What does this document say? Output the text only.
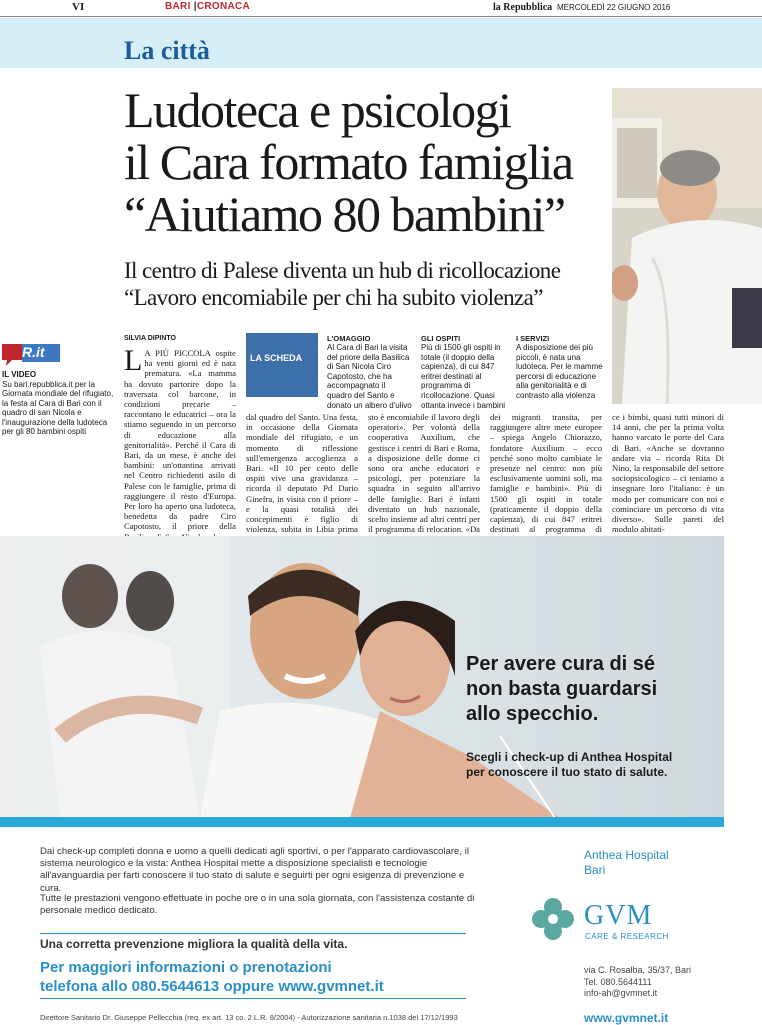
VI	BARI |CRONACA	la Repubblica MERCOLEDÌ 22 GIUGNO 2016
La città
Ludoteca e psicologi
il Cara formato famiglia
“Aiutiamo 80 bambini”
Il centro di Palese diventa un hub di ricollocazione
“Lavoro encomiabile per chi ha subito violenza”
R.it
IL VIDEO
Su bari.repubblica.it per la Giornata mondiale del rifugiato, la festa al Cara di Bari con il quadro di san Nicola e l'inaugurazione della ludoteca per gli 80 bambini ospiti
SILVIA DIPINTO
L A PIÙ PICCOLA ospite ha venti giorni ed è nata prematura. «La mamma ha dovuto partorire dopo la traversata col barcone, in condizioni precarie – raccontano le educatrici – ora la stiamo seguendo in un percorso di educazione alla genitorialità». Perché il Cara di Bari, da un mese, è anche dei bambini: un'ottantina arrivati nel Centro richiedenti asilo di Palese con le famiglie, prima di raggiungere il resto d'Europa. Per loro ha aperto una ludoteca, benedetta da padre Ciro Capotosto, il priore della
LA SCHEDA
L'OMAGGIO
Al Cara di Bari la visita del priore della Basilica di San Nicola Ciro Capotosto, che ha accompagnato il quadro del Santo e donato un albero d'ulivo
GLI OSPITI
Più di 1500 gli ospiti in totale (il doppio della capienza), di cui 847 eritrei destinati al programma di ricollocazione. Quasi ottanta invece i bambini
I SERVIZI
A disposizione dei più piccoli, è nata una ludoteca. Per le mamme percorsi di educazione alla genitorialità e di contrasto alla violenza
dal quadro del Santo. Una festa, in occasione della Giornata mondiale del rifugiato, e un momento di riflessione sull'emergenza accoglienza a Bari. «Il 10 per cento delle ospiti vive una gravidanza – ricorda il deputato Pd Dario Ginefra, in visita con il priore – e la quasi totalità dei concepimenti è figlio di violenza, subita in Libia prima
sto è encomiabile il lavoro degli operatori». Per volontà della cooperativa Auxilium, che gestisce i centri di Bari e Roma, a disposizione delle donne ci sono ora anche educatori e psicologi, per potenziare la squadra in seguito all'arrivo delle famiglie. Bari è infatti diventato un hub nazionale, scelto insieme ad altri centri per il programma di relocation. «Da
dei migranti transita, per raggiungere altre mete europee – spiega Angelo Chiorazzo, fondatore Auxilium – ecco perché sono molto cambiate le presenze nel centro: non più esclusivamente uomini soli, ma famiglie e bambini». Più di 1500 gli ospiti in totale (praticamente il doppio della capienza), di cui 847 eritrei destinati al programma di
ce i bimbi, quasi tutti minori di 14 anni, che per la prima volta hanno varcato le porte del Cara di Bari. «Anche se dovranno andare via – ricorda Rita Di Nino, la responsabile del settore sociopsicologico – ci teniamo a insegnare loro l'italiano: è un modo per comunicare con noi e cominciare un percorso di vita diverso». Sulle pareti del modulo abitati-
Per avere cura di sé
non basta guardarsi
allo specchio.
Scegli i check-up di Anthea Hospital
per conoscere il tuo stato di salute.
Dai check-up completi donna e uomo a quelli dedicati agli sportivi, o per l'apparato cardiovascolare, il sistema neurologico e la vista: Anthea Hospital mette a disposizione specialisti e tecnologie all'avanguardia per farti conoscere il tuo stato di salute e seguirti per ogni esigenza di prevenzione e cura.
Tutte le prestazioni vengono effettuate in poche ore o in una sola giornata, con l'assistenza costante di personale medico dedicato.
Una corretta prevenzione migliora la qualità della vita.
Per maggiori informazioni o prenotazioni
telefona allo 080.5644613 oppure www.gvmnet.it
Direttore Sanitario Dr. Giuseppe Pellecchia (req. ex art. 13 co. 2 L.R. 8/2004) - Autorizzazione sanitaria n.1038 del 17/12/1993
Anthea Hospital
Bari
GVM
CARE & RESEARCH
via C. Rosalba, 35/37, Bari
Tel. 080.5644111
info-ah@gvmnet.it
www.gvmnet.it
